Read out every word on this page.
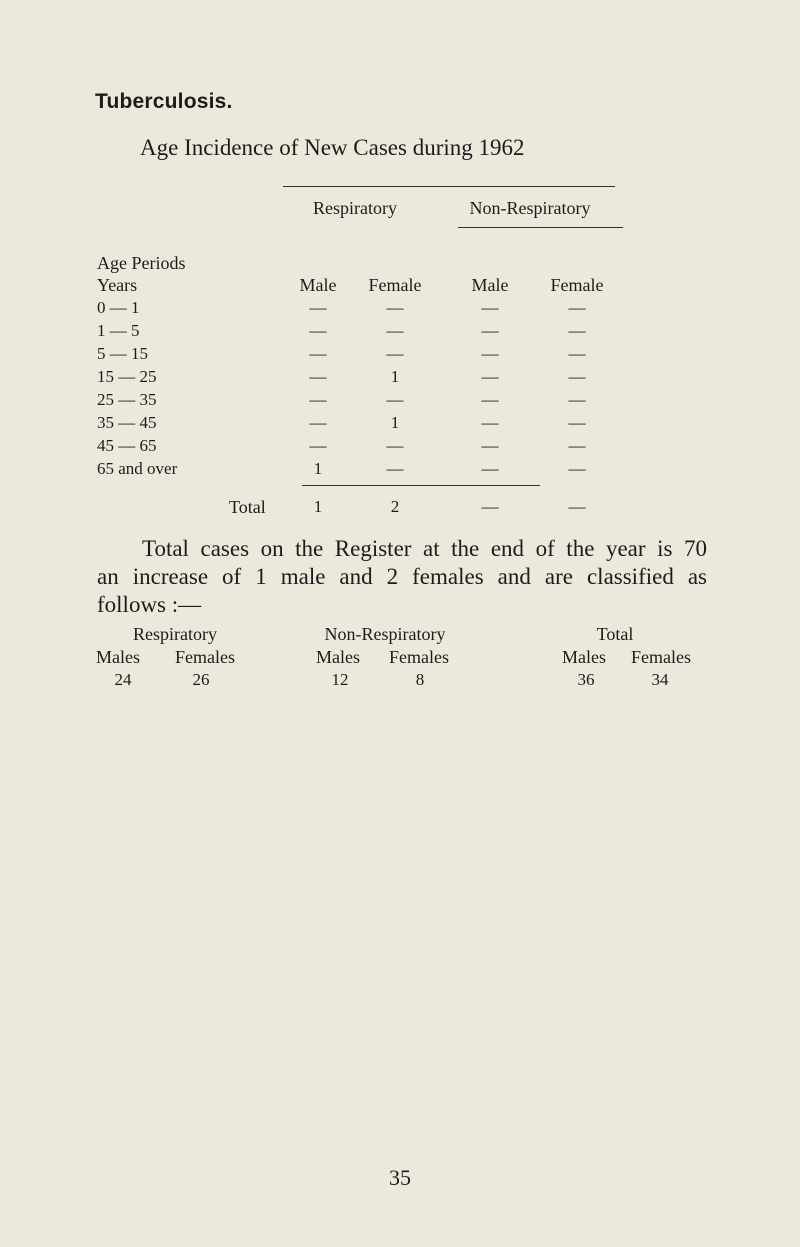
Tuberculosis.
Age Incidence of New Cases during 1962
Respiratory	Non-Respiratory
Age Periods
Years	Male	Female	Male	Female
0 — 1	—	—	—	—
1 — 5	—	—	—	—
5 — 15	—	—	—	—
15 — 25	—	1	—	—
25 — 35	—	—	—	—
35 — 45	—	1	—	—
45 — 65	—	—	—	—
65 and over	1	—	—	—
Total	1	2	—	—
Total cases on the Register at the end of the year is 70
an increase of 1 male and 2 females and are classified as
follows :—
Respiratory	Non-Respiratory	Total
Males Females	Males Females	Males Females
24	26	12	8	36	34
35
